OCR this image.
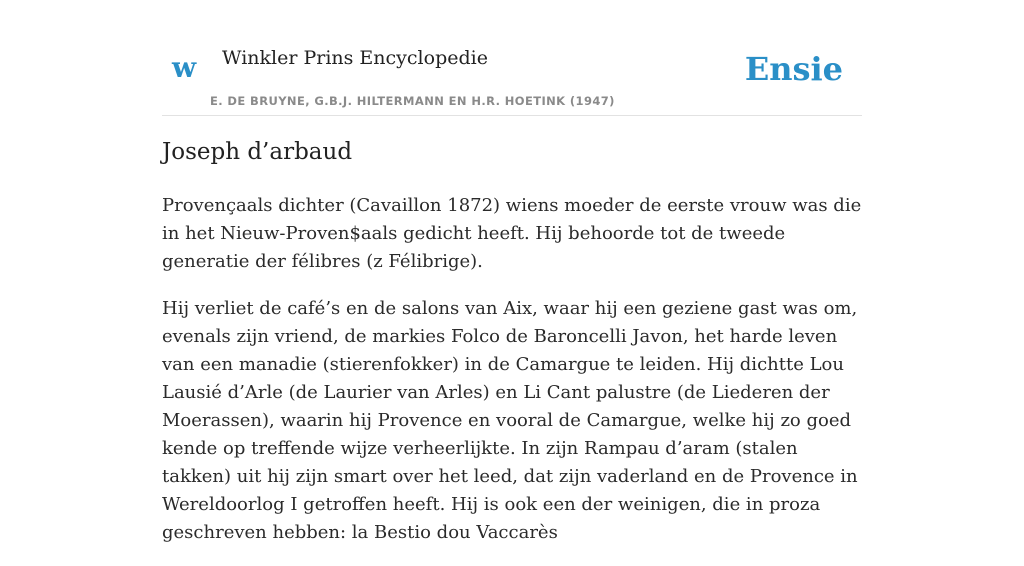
w Winkler Prins Encyclopedie
E. DE BRUYNE, G.B.J. HILTERMANN EN H.R. HOETINK (1947)
Ensie
Joseph d’arbaud

Provençaals dichter (Cavaillon 1872) wiens moeder de eerste vrouw was die in het Nieuw-Proven$aals gedicht heeft. Hij behoorde tot de tweede generatie der félibres (z Félibrige).

Hij verliet de café’s en de salons van Aix, waar hij een geziene gast was om, evenals zijn vriend, de markies Folco de Baroncelli Javon, het harde leven van een manadie (stierenfokker) in de Camargue te leiden. Hij dichtte Lou Lausié d’Arle (de Laurier van Arles) en Li Cant palustre (de Liederen der Moerassen), waarin hij Provence en vooral de Camargue, welke hij zo goed kende op treffende wijze verheerlijkte. In zijn Rampau d’aram (stalen takken) uit hij zijn smart over het leed, dat zijn vaderland en de Provence in Wereldoorlog I getroffen heeft. Hij is ook een der weinigen, die in proza geschreven hebben: la Bestio dou Vaccarès
